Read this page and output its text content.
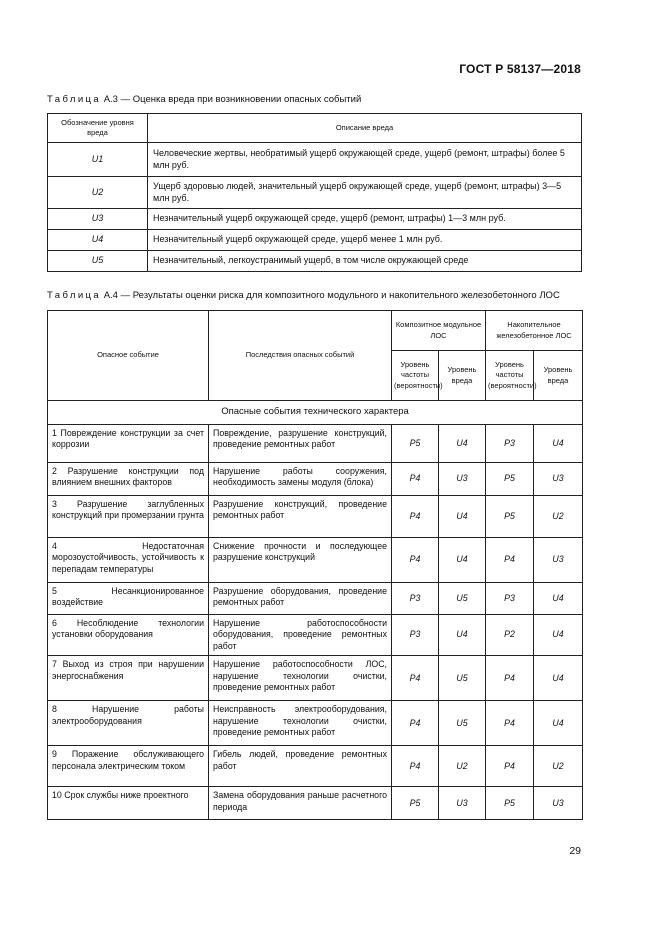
ГОСТ Р 58137—2018
Таблица А.3 — Оценка вреда при возникновении опасных событий
Обозначение уровня вреда	Описание вреда
U1	Человеческие жертвы, необратимый ущерб окружающей среде, ущерб (ремонт, штрафы) более 5 млн руб.
U2	Ущерб здоровью людей, значительный ущерб окружающей среде, ущерб (ремонт, штрафы) 3—5 млн руб.
U3	Незначительный ущерб окружающей среде, ущерб (ремонт, штрафы) 1—3 млн руб.
U4	Незначительный ущерб окружающей среде, ущерб менее 1 млн руб.
U5	Незначительный, легкоустранимый ущерб, в том числе окружающей среде
Таблица А.4 — Результаты оценки риска для композитного модульного и накопительного железобетонного ЛОС
Опасное событие	Последствия опасных событий	Композитное модульное ЛОС		Накопительное железобетонное ЛОС	
		Уровень частоты (вероятности)	Уровень вреда	Уровень частоты (вероятности)	Уровень вреда
Опасные события технического характера					
1 Повреждение конструкции за счет коррозии	Повреждение, разрушение конструкций, проведение ремонтных работ	P5	U4	P3	U4
2 Разрушение конструкции под влиянием внешних факторов	Нарушение работы сооружения, необходимость замены модуля (блока)	P4	U3	P5	U3
3 Разрушение заглубленных конструкций при промерзании грунта	Разрушение конструкций, проведение ремонтных работ	P4	U4	P5	U2
4 Недостаточная морозоустойчивость, устойчивость к перепадам температуры	Снижение прочности и последующее разрушение конструкций	P4	U4	P4	U3
5 Несанкционированное воздействие	Разрушение оборудования, проведение ремонтных работ	P3	U5	P3	U4
6 Несоблюдение технологии установки оборудования	Нарушение работоспособности оборудования, проведение ремонтных работ	P3	U4	P2	U4
7 Выход из строя при нарушении энергоснабжения	Нарушение работоспособности ЛОС, нарушение технологии очистки, проведение ремонтных работ	P4	U5	P4	U4
8 Нарушение работы электрооборудования	Неисправность электрооборудования, нарушение технологии очистки, проведение ремонтных работ	P4	U5	P4	U4
9 Поражение обслуживающего персонала электрическим током	Гибель людей, проведение ремонтных работ	P4	U2	P4	U2
10 Срок службы ниже проектного	Замена оборудования раньше расчетного периода	P5	U3	P5	U3
29
